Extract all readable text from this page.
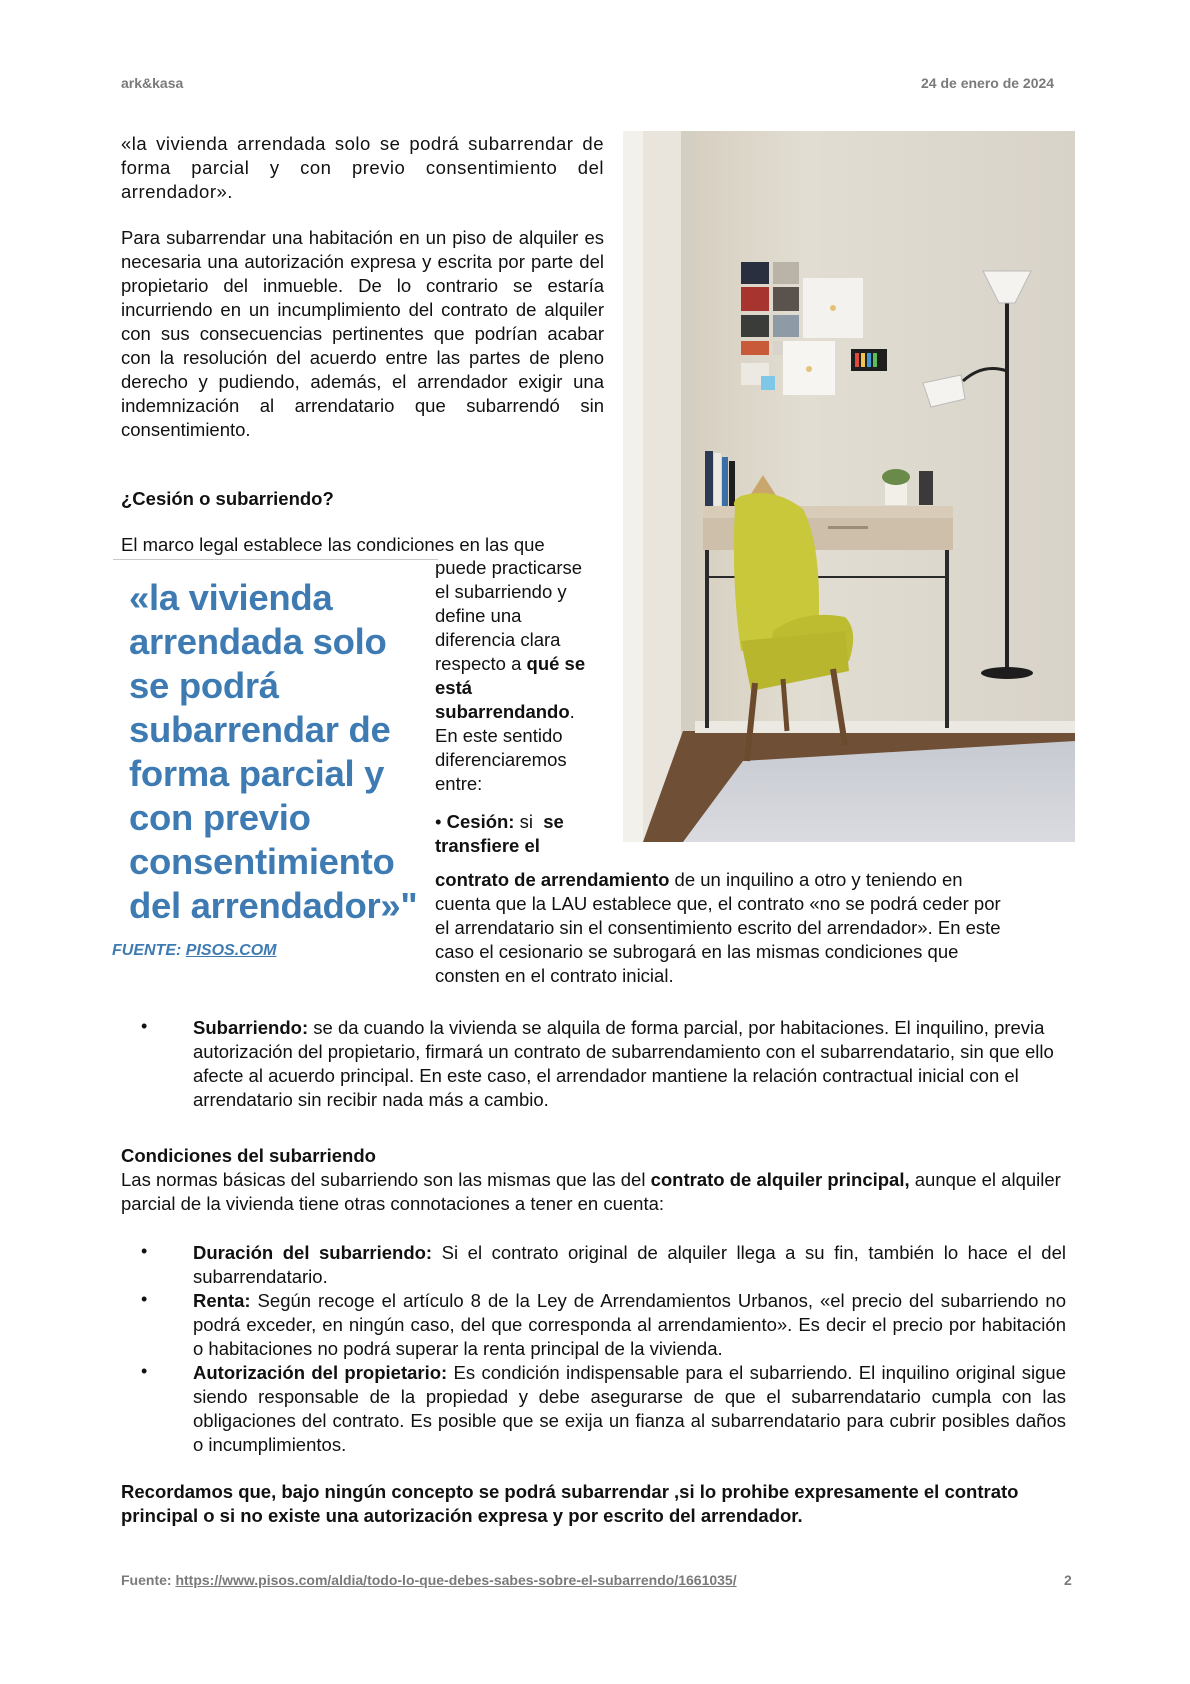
ark&kasa	24 de enero de 2024
«la vivienda arrendada solo se podrá subarrendar de forma parcial y con previo consentimiento del arrendador».
Para subarrendar una habitación en un piso de alquiler es necesaria una autorización expresa y escrita por parte del propietario del inmueble. De lo contrario se estaría incurriendo en un incumplimiento del contrato de alquiler con sus consecuencias pertinentes que podrían acabar con la resolución del acuerdo entre las partes de pleno derecho y pudiendo, además, el arrendador exigir una indemnización al arrendatario que subarrendó sin consentimiento.
¿Cesión o subarriendo?
El marco legal establece las condiciones en las que
«la vivienda
arrendada solo
se podrá
subarrendar de
forma parcial y
con previo
consentimiento
del arrendador»"
FUENTE: PISOS.COM
puede practicarse
el subarriendo y
define una
diferencia clara
respecto a qué se
está
subarrendando.
En este sentido
diferenciaremos
entre:
• Cesión: si  se
transfiere el
contrato de arrendamiento de un inquilino a otro y teniendo en
cuenta que la LAU establece que, el contrato «no se podrá ceder por
el arrendatario sin el consentimiento escrito del arrendador». En este
caso el cesionario se subrogará en las mismas condiciones que
consten en el contrato inicial.
• Subarriendo: se da cuando la vivienda se alquila de forma parcial, por habitaciones. El inquilino, previa autorización del propietario, firmará un contrato de subarrendamiento con el subarrendatario, sin que ello afecte al acuerdo principal. En este caso, el arrendador mantiene la relación contractual inicial con el arrendatario sin recibir nada más a cambio.
Condiciones del subarriendo
Las normas básicas del subarriendo son las mismas que las del contrato de alquiler principal, aunque el alquiler parcial de la vivienda tiene otras connotaciones a tener en cuenta:
• Duración del subarriendo: Si el contrato original de alquiler llega a su fin, también lo hace el del subarrendatario.
• Renta: Según recoge el artículo 8 de la Ley de Arrendamientos Urbanos, «el precio del subarriendo no podrá exceder, en ningún caso, del que corresponda al arrendamiento». Es decir el precio por habitación o habitaciones no podrá superar la renta principal de la vivienda.
• Autorización del propietario: Es condición indispensable para el subarriendo. El inquilino original sigue siendo responsable de la propiedad y debe asegurarse de que el subarrendatario cumpla con las obligaciones del contrato. Es posible que se exija un fianza al subarrendatario para cubrir posibles daños o incumplimientos.
Recordamos que, bajo ningún concepto se podrá subarrendar ,si lo prohibe expresamente el contrato principal o si no existe una autorización expresa y por escrito del arrendador.
Fuente: https://www.pisos.com/aldia/todo-lo-que-debes-sabes-sobre-el-subarrendo/1661035/	2
